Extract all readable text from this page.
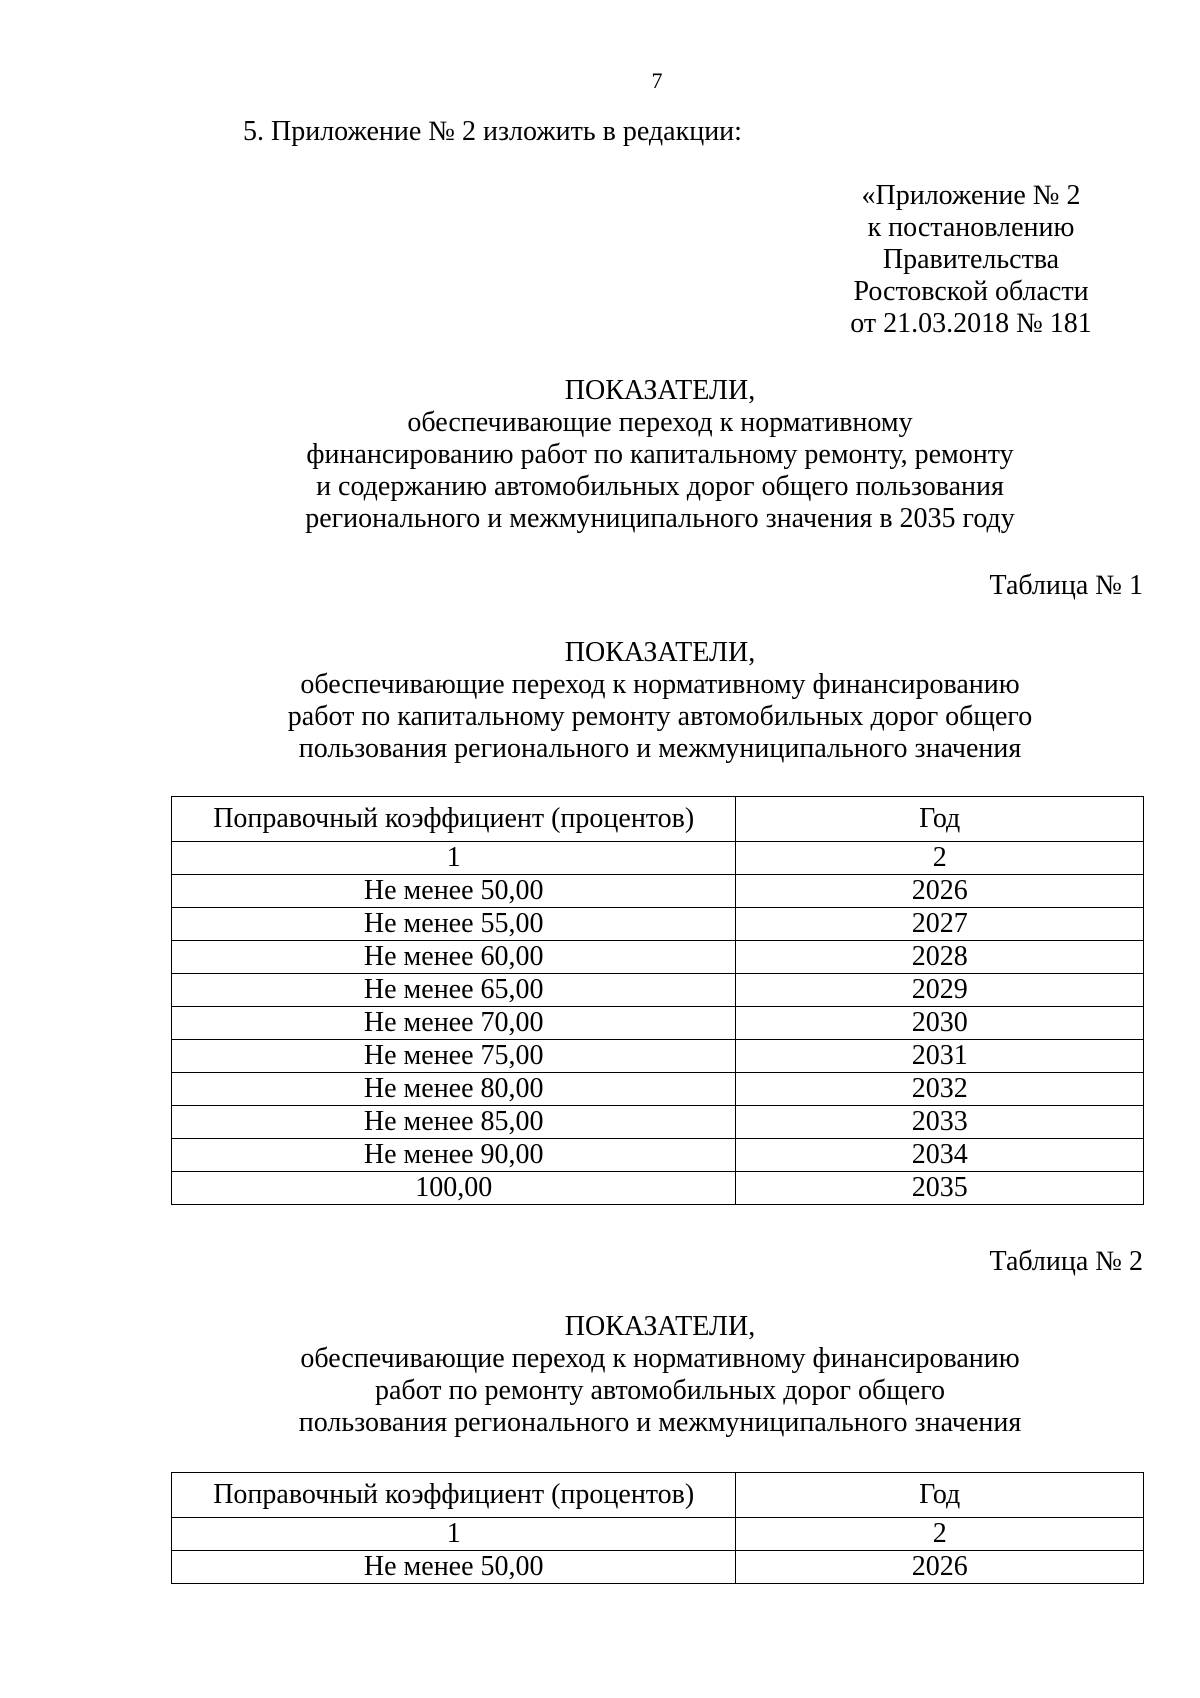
7
5. Приложение № 2 изложить в редакции:
«Приложение № 2
к постановлению
Правительства
Ростовской области
от 21.03.2018 № 181
ПОКАЗАТЕЛИ,
обеспечивающие переход к нормативному
финансированию работ по капитальному ремонту, ремонту
и содержанию автомобильных дорог общего пользования
регионального и межмуниципального значения в 2035 году
Таблица № 1
ПОКАЗАТЕЛИ,
обеспечивающие переход к нормативному финансированию
работ по капитальному ремонту автомобильных дорог общего
пользования регионального и межмуниципального значения
Поправочный коэффициент (процентов)	Год
1	2
Не менее 50,00	2026
Не менее 55,00	2027
Не менее 60,00	2028
Не менее 65,00	2029
Не менее 70,00	2030
Не менее 75,00	2031
Не менее 80,00	2032
Не менее 85,00	2033
Не менее 90,00	2034
100,00	2035
Таблица № 2
ПОКАЗАТЕЛИ,
обеспечивающие переход к нормативному финансированию
работ по ремонту автомобильных дорог общего
пользования регионального и межмуниципального значения
Поправочный коэффициент (процентов)	Год
1	2
Не менее 50,00	2026
